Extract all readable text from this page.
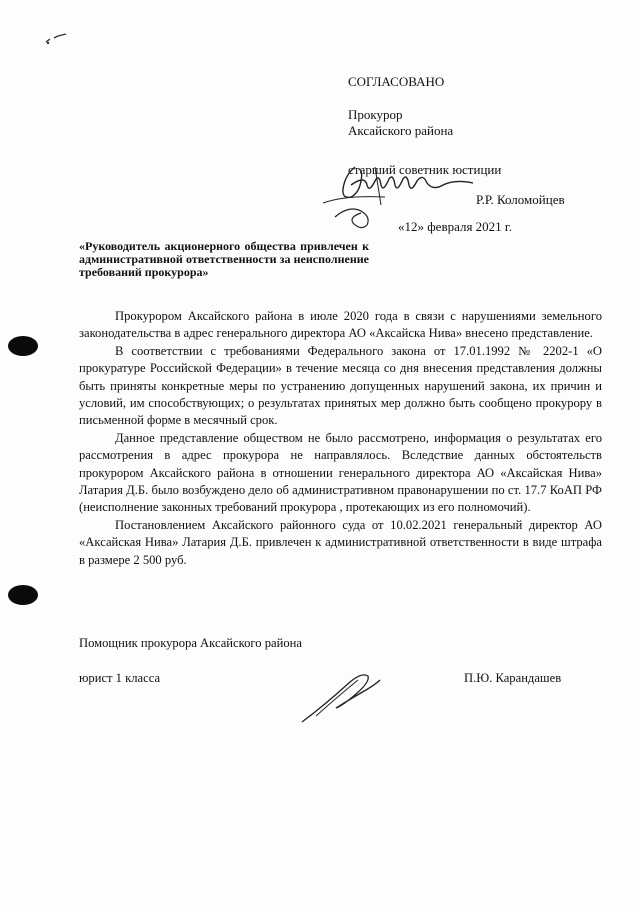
СОГЛАСОВАНО
Прокурор
Аксайского района
старший советник юстиции
Р.Р. Коломойцев
«12» февраля 2021 г.
«Руководитель акционерного общества привлечен к административной ответственности за неисполнение требований прокурора»

Прокурором Аксайского района в июле 2020 года в связи с нарушениями земельного законодательства в адрес генерального директора АО «Аксайска Нива» внесено представление.

В соответствии с требованиями Федерального закона от 17.01.1992 № 2202-1 «О прокуратуре Российской Федерации» в течение месяца со дня внесения представления должны быть приняты конкретные меры по устранению допущенных нарушений закона, их причин и условий, им способствующих; о результатах принятых мер должно быть сообщено прокурору в письменной форме в месячный срок.

Данное представление обществом не было рассмотрено, информация о результатах его рассмотрения в адрес прокурора не направлялось. Вследствие данных обстоятельств прокурором Аксайского района в отношении генерального директора АО «Аксайская Нива» Латария Д.Б. было возбуждено дело об административном правонарушении по ст. 17.7 КоАП РФ (неисполнение законных требований прокурора , протекающих из его полномочий).

Постановлением Аксайского районного суда от 10.02.2021 генеральный директор АО «Аксайская Нива» Латария Д.Б. привлечен к административной ответственности в виде штрафа в размере 2 500 руб.

Помощник прокурора Аксайского района
юрист 1 класса	П.Ю. Карандашев
